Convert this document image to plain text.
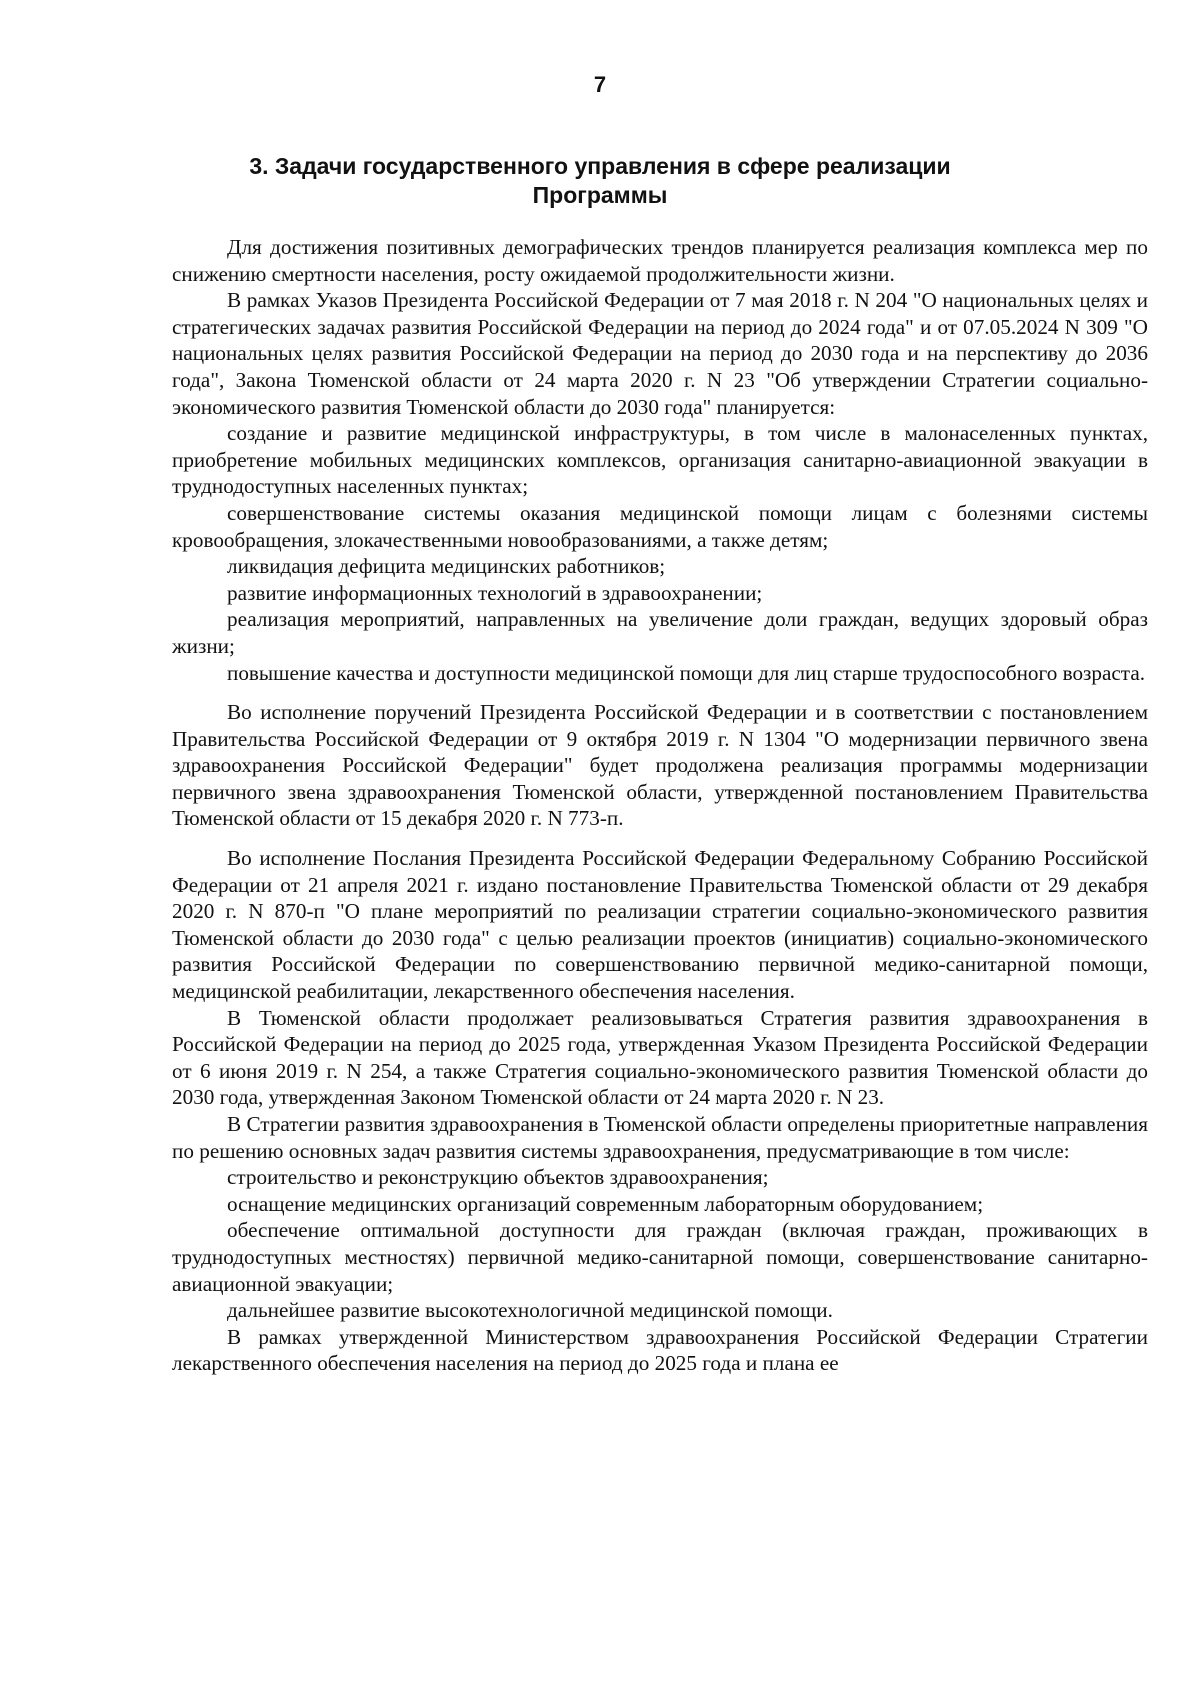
7
3. Задачи государственного управления в сфере реализации
Программы

Для достижения позитивных демографических трендов планируется реализация комплекса мер по снижению смертности населения, росту ожидаемой продолжительности жизни.

В рамках Указов Президента Российской Федерации от 7 мая 2018 г. N 204 "О национальных целях и стратегических задачах развития Российской Федерации на период до 2024 года" и от 07.05.2024 N 309 "О национальных целях развития Российской Федерации на период до 2030 года и на перспективу до 2036 года", Закона Тюменской области от 24 марта 2020 г. N 23 "Об утверждении Стратегии социально-экономического развития Тюменской области до 2030 года" планируется:

создание и развитие медицинской инфраструктуры, в том числе в малонаселенных пунктах, приобретение мобильных медицинских комплексов, организация санитарно-авиационной эвакуации в труднодоступных населенных пунктах;

совершенствование системы оказания медицинской помощи лицам с болезнями системы кровообращения, злокачественными новообразованиями, а также детям;

ликвидация дефицита медицинских работников;

развитие информационных технологий в здравоохранении;

реализация мероприятий, направленных на увеличение доли граждан, ведущих здоровый образ жизни;

повышение качества и доступности медицинской помощи для лиц старше трудоспособного возраста.

Во исполнение поручений Президента Российской Федерации и в соответствии с постановлением Правительства Российской Федерации от 9 октября 2019 г. N 1304 "О модернизации первичного звена здравоохранения Российской Федерации" будет продолжена реализация программы модернизации первичного звена здравоохранения Тюменской области, утвержденной постановлением Правительства Тюменской области от 15 декабря 2020 г. N 773-п.

Во исполнение Послания Президента Российской Федерации Федеральному Собранию Российской Федерации от 21 апреля 2021 г. издано постановление Правительства Тюменской области от 29 декабря 2020 г. N 870-п "О плане мероприятий по реализации стратегии социально-экономического развития Тюменской области до 2030 года" с целью реализации проектов (инициатив) социально-экономического развития Российской Федерации по совершенствованию первичной медико-санитарной помощи, медицинской реабилитации, лекарственного обеспечения населения.

В Тюменской области продолжает реализовываться Стратегия развития здравоохранения в Российской Федерации на период до 2025 года, утвержденная Указом Президента Российской Федерации от 6 июня 2019 г. N 254, а также Стратегия социально-экономического развития Тюменской области до 2030 года, утвержденная Законом Тюменской области от 24 марта 2020 г. N 23.

В Стратегии развития здравоохранения в Тюменской области определены приоритетные направления по решению основных задач развития системы здравоохранения, предусматривающие в том числе:

строительство и реконструкцию объектов здравоохранения;

оснащение медицинских организаций современным лабораторным оборудованием;

обеспечение оптимальной доступности для граждан (включая граждан, проживающих в труднодоступных местностях) первичной медико-санитарной помощи, совершенствование санитарно-авиационной эвакуации;

дальнейшее развитие высокотехнологичной медицинской помощи.

В рамках утвержденной Министерством здравоохранения Российской Федерации Стратегии лекарственного обеспечения населения на период до 2025 года и плана ее
